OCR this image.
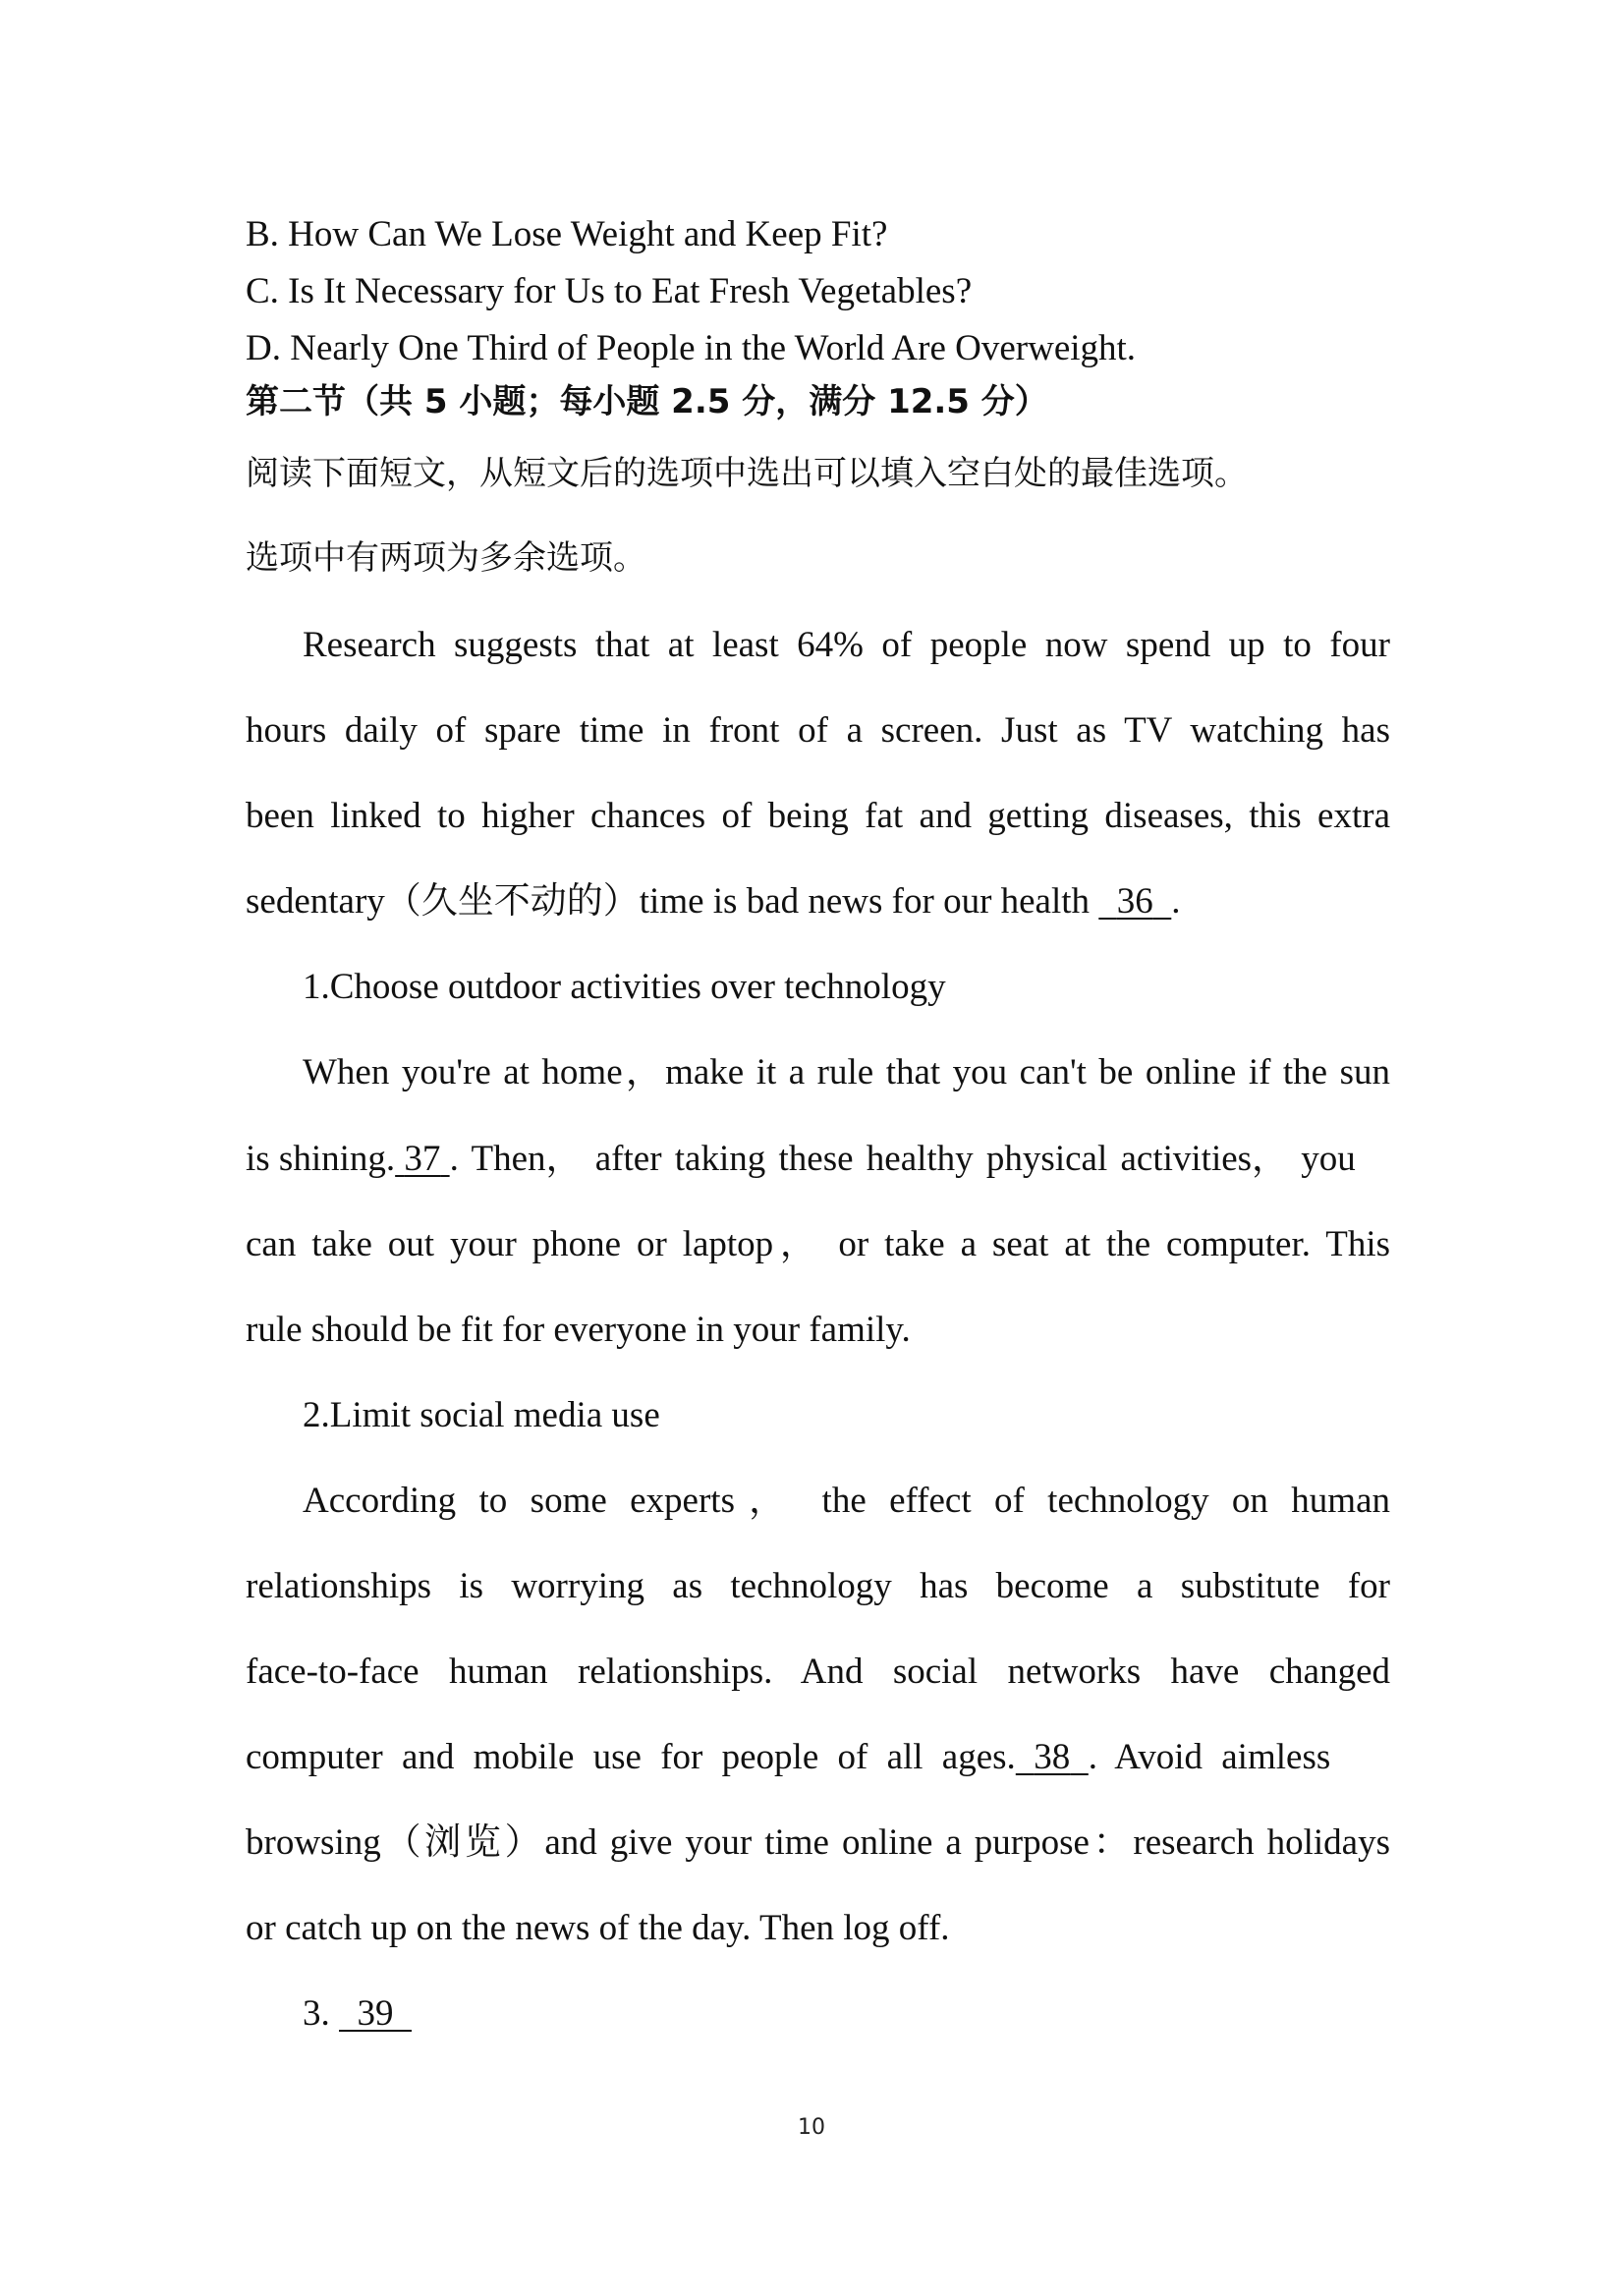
B. How Can We Lose Weight and Keep Fit?
C. Is It Necessary for Us to Eat Fresh Vegetables?
D. Nearly One Third of People in the World Are Overweight.
第二节（共 5 小题；每小题 2.5 分，满分 12.5 分）
阅读下面短文，从短文后的选项中选出可以填入空白处的最佳选项。
选项中有两项为多余选项。
Research suggests that at least 64% of people now spend up to four
hours daily of spare time in front of a screen. Just as TV watching has
been linked to higher chances of being fat and getting diseases, this extra
sedentary（久坐不动的）time is bad news for our health   36 .
1.Choose outdoor activities over technology
When you're at home，make it a rule that you can't be online if the sun
is shining. 37 . Then， after taking these healthy physical activities， you
can take out your phone or laptop， or take a seat at the computer. This
rule should be fit for everyone in your family.
2.Limit social media use
According to some experts， the effect of technology on human
relationships is worrying as technology has become a substitute for
face-to-face human relationships. And social networks have changed
computer and mobile use for people of all ages. 38 . Avoid aimless
browsing（浏览）and give your time online a purpose：research holidays
or catch up on the news of the day. Then log off.
3.   39
10
